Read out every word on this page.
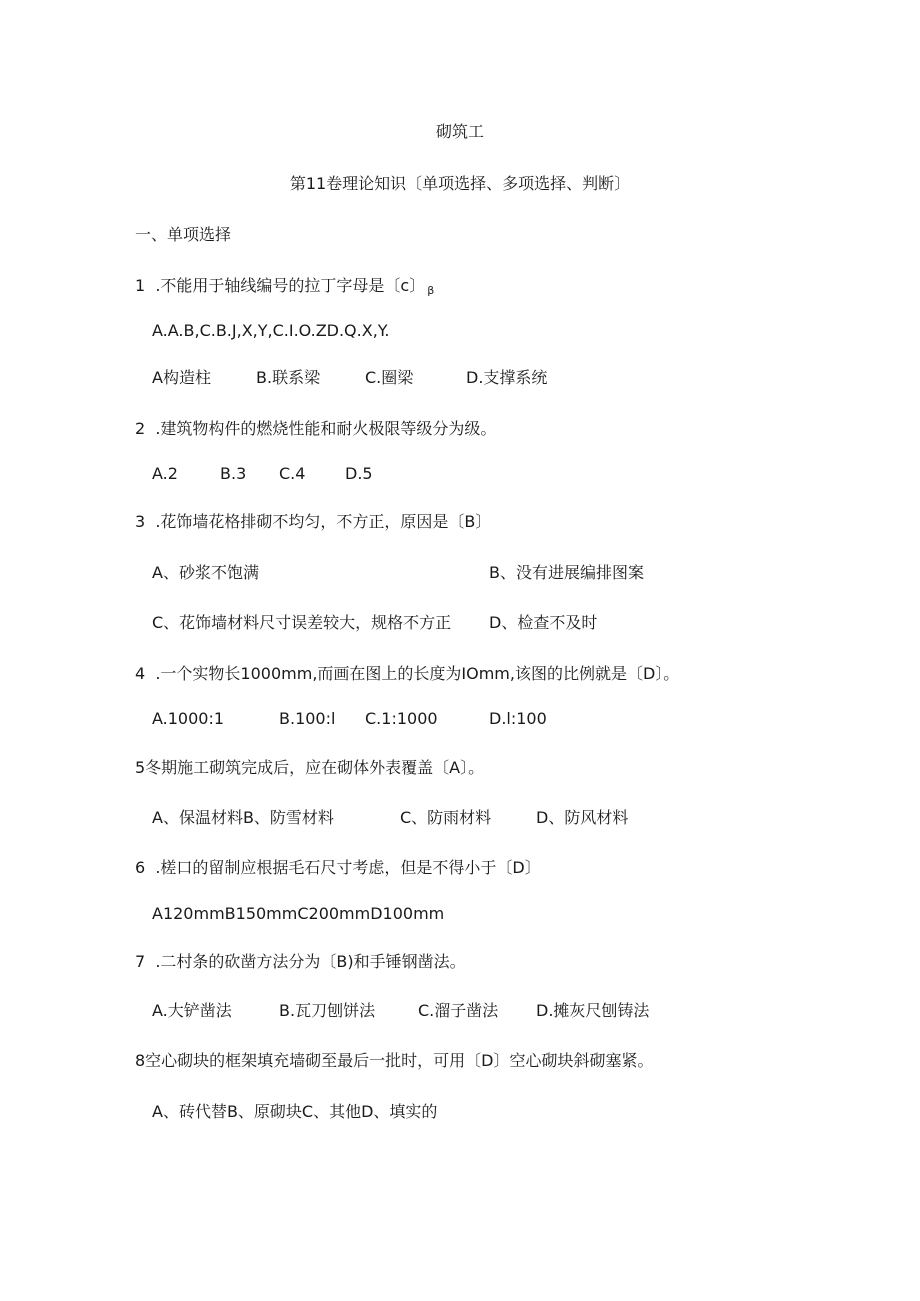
砌筑工
第11卷理论知识〔单项选择、多项选择、判断〕
一、单项选择
1	.不能用于轴线编号的拉丁字母是〔c〕 β
A.A.B,C.B.J,X,Y,C.I.O.ZD.Q.X,Y.
A构造柱	B.联系梁	C.圈梁	D.支撑系统
2	.建筑物构件的燃烧性能和耐火极限等级分为级。
A.2	B.3 C.4 D.5
3	.花饰墙花格排砌不均匀，不方正，原因是〔B〕
A、砂浆不饱满	B、没有进展编排图案
C、花饰墙材料尺寸误差较大，规格不方正 D、检查不及时
4	.一个实物长1000mm,而画在图上的长度为IOmm,该图的比例就是〔D〕。
A.1000:1	B.100:l C.1:1000	D.l:100
5冬期施工砌筑完成后，应在砌体外表覆盖〔A〕。
A、保温材料B、防雪材料	C、防雨材料	D、防风材料
6	.槎口的留制应根据毛石尺寸考虑，但是不得小于〔D〕
A120mmB150mmC200mmD100mm
7	.二村条的砍凿方法分为〔B)和手锤钢凿法。
A.大铲凿法	B.瓦刀刨饼法	C.溜子凿法 D.摊灰尺刨铸法
8空心砌块的框架填充墙砌至最后一批时，可用〔D〕空心砌块斜砌塞紧。
A、砖代替B、原砌块C、其他D、填实的
